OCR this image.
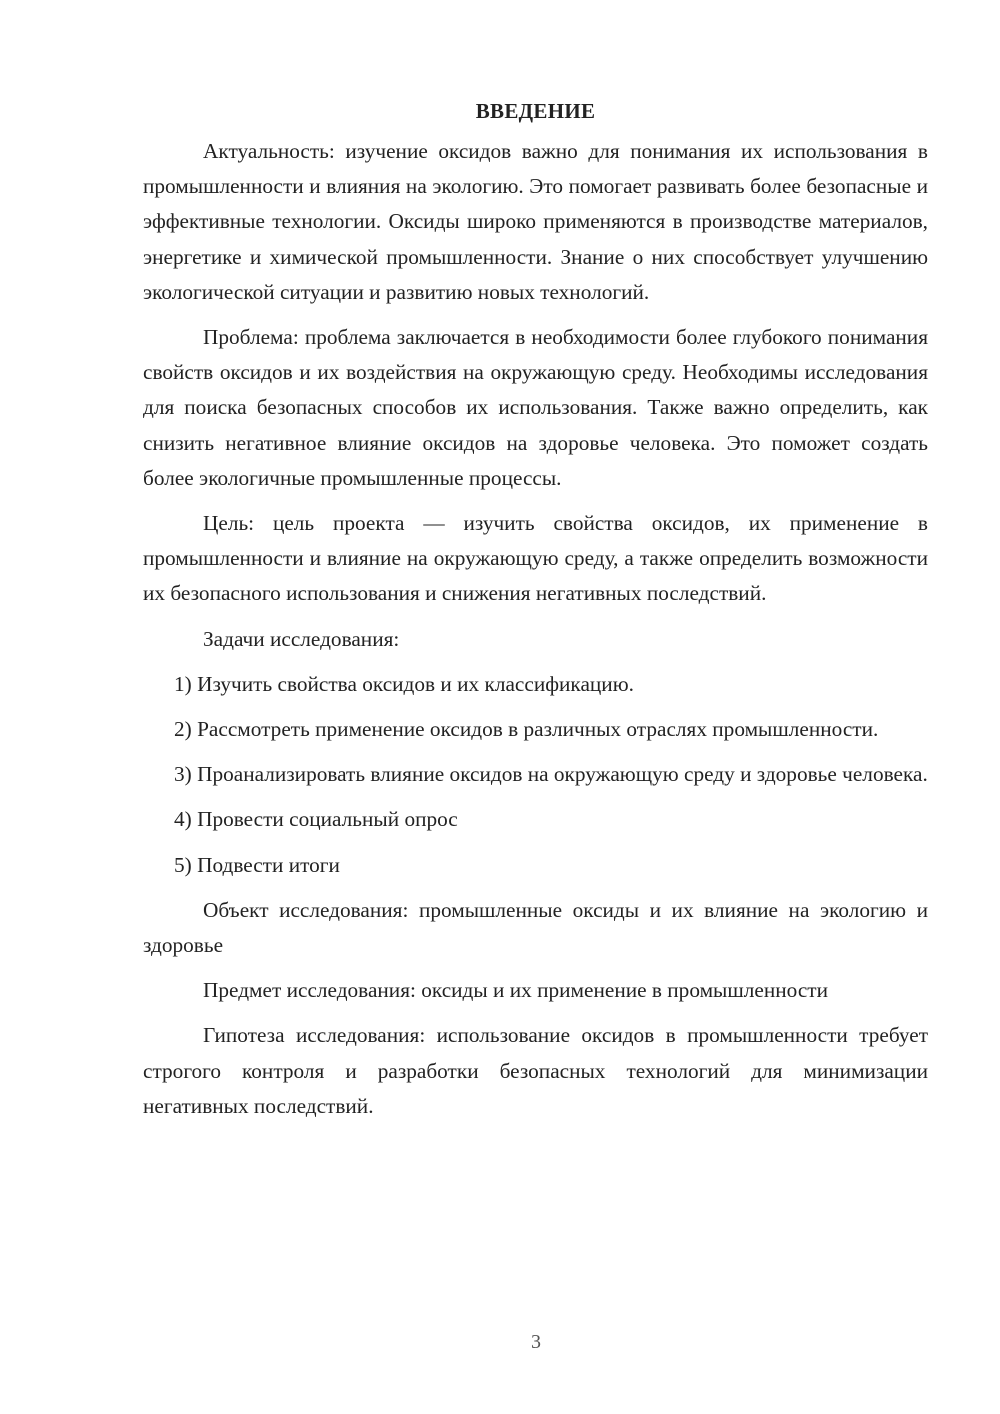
ВВЕДЕНИЕ

Актуальность: изучение оксидов важно для понимания их использования в промышленности и влияния на экологию. Это помогает развивать более безопасные и эффективные технологии. Оксиды широко применяются в производстве материалов, энергетике и химической промышленности. Знание о них способствует улучшению экологической ситуации и развитию новых технологий.

Проблема: проблема заключается в необходимости более глубокого понимания свойств оксидов и их воздействия на окружающую среду. Необходимы исследования для поиска безопасных способов их использования. Также важно определить, как снизить негативное влияние оксидов на здоровье человека. Это поможет создать более экологичные промышленные процессы.

Цель: цель проекта — изучить свойства оксидов, их применение в промышленности и влияние на окружающую среду, а также определить возможности их безопасного использования и снижения негативных последствий.

Задачи исследования:

1) Изучить свойства оксидов и их классификацию.

2) Рассмотреть применение оксидов в различных отраслях промышленности.

3) Проанализировать влияние оксидов на окружающую среду и здоровье человека.

4) Провести социальный опрос

5) Подвести итоги

Объект исследования: промышленные оксиды и их влияние на экологию и здоровье

Предмет исследования: оксиды и их применение в промышленности

Гипотеза исследования: использование оксидов в промышленности требует строгого контроля и разработки безопасных технологий для минимизации негативных последствий.

3
